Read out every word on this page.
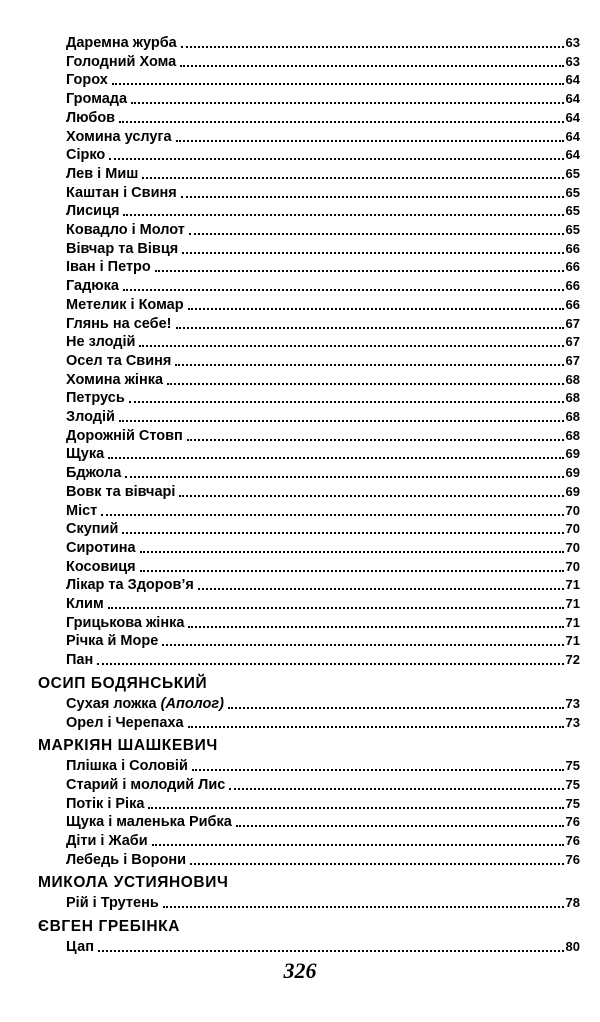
Даремна журба	63
Голодний Хома	63
Горох	64
Громада	64
Любов	64
Хомина услуга	64
Сірко	64
Лев і Миш	65
Каштан і Свиня	65
Лисиця	65
Ковадло і Молот	65
Вівчар та Вівця	66
Іван і Петро	66
Гадюка	66
Метелик і Комар	66
Глянь на себе!	67
Не злодій	67
Осел та Свиня	67
Хомина жінка	68
Петрусь	68
Злодій	68
Дорожній Стовп	68
Щука	69
Бджола	69
Вовк та вівчарі	69
Міст	70
Скупий	70
Сиротина	70
Косовиця	70
Лікар та Здоров’я	71
Клим	71
Грицькова жінка	71
Річка й Море	71
Пан	72
ОСИП БОДЯНСЬКИЙ
Сухая ложка (Аполог)	73
Орел і Черепаха	73
МАРКІЯН ШАШКЕВИЧ
Плішка і Соловій	75
Старий і молодий Лис	75
Потік і Ріка	75
Щука і маленька Рибка	76
Діти і Жаби	76
Лебедь і Ворони	76
МИКОЛА УСТИЯНОВИЧ
Рій і Трутень	78
ЄВГЕН ГРЕБІНКА
Цап	80
326
